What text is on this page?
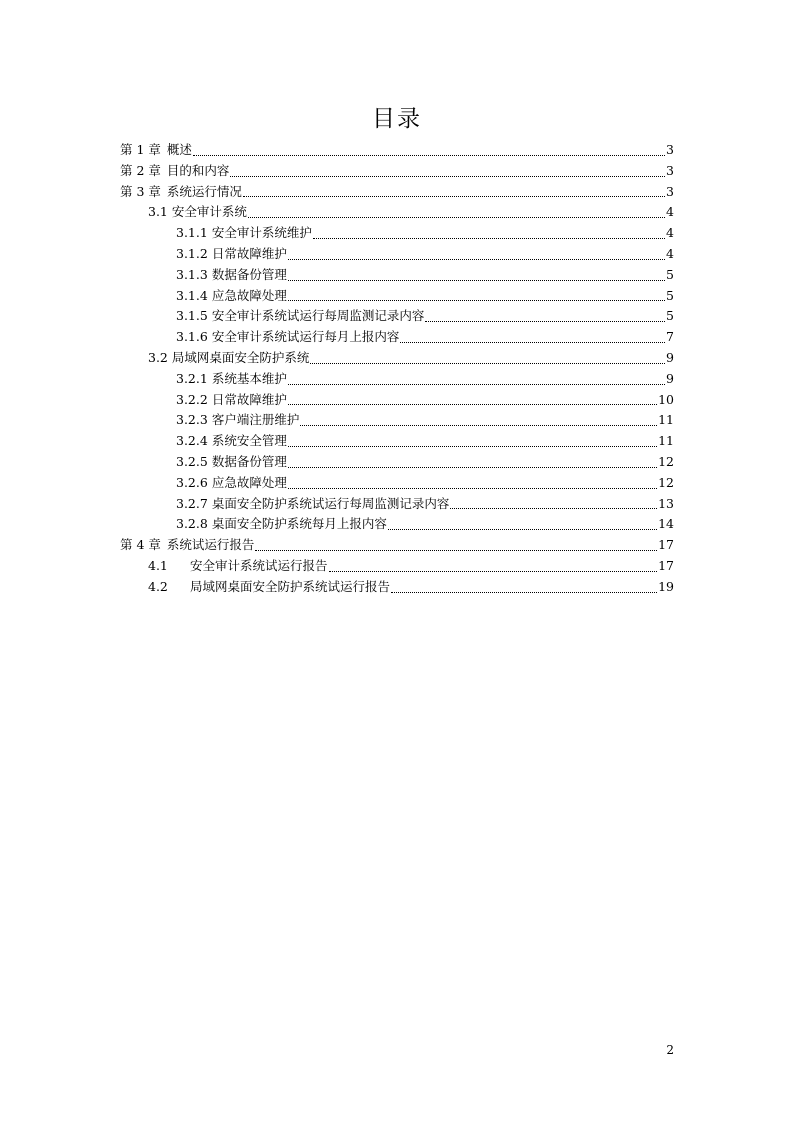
目录
第 1 章 概述	3
第 2 章 目的和内容	3
第 3 章 系统运行情况	3
3.1 安全审计系统	4
3.1.1 安全审计系统维护	4
3.1.2 日常故障维护	4
3.1.3 数据备份管理	5
3.1.4 应急故障处理	5
3.1.5 安全审计系统试运行每周监测记录内容	5
3.1.6 安全审计系统试运行每月上报内容	7
3.2 局域网桌面安全防护系统	9
3.2.1 系统基本维护	9
3.2.2 日常故障维护	10
3.2.3 客户端注册维护	11
3.2.4 系统安全管理	11
3.2.5 数据备份管理	12
3.2.6 应急故障处理	12
3.2.7 桌面安全防护系统试运行每周监测记录内容	13
3.2.8 桌面安全防护系统每月上报内容	14
第 4 章 系统试运行报告	17
4.1	安全审计系统试运行报告	17
4.2	局域网桌面安全防护系统试运行报告	19
2
